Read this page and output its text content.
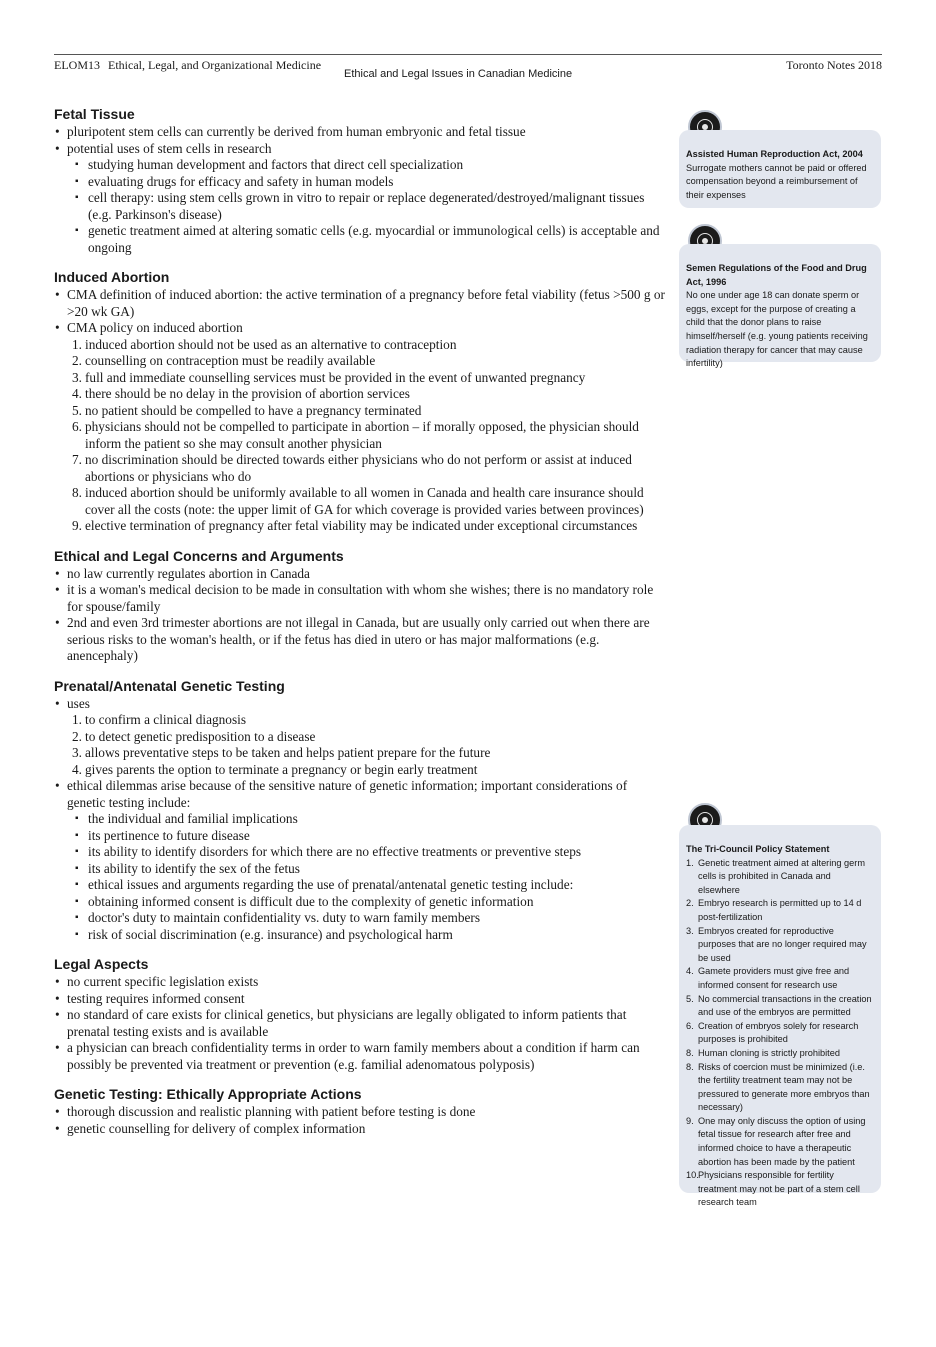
ELOM13 Ethical, Legal, and Organizational Medicine
Ethical and Legal Issues in Canadian Medicine
Toronto Notes 2018
Fetal Tissue
• pluripotent stem cells can currently be derived from human embryonic and fetal tissue
• potential uses of stem cells in research
▪ studying human development and factors that direct cell specialization
▪ evaluating drugs for efficacy and safety in human models
▪ cell therapy: using stem cells grown in vitro to repair or replace degenerated/destroyed/malignant tissues (e.g. Parkinson's disease)
▪ genetic treatment aimed at altering somatic cells (e.g. myocardial or immunological cells) is acceptable and ongoing
Induced Abortion
• CMA definition of induced abortion: the active termination of a pregnancy before fetal viability (fetus >500 g or >20 wk GA)
• CMA policy on induced abortion
1. induced abortion should not be used as an alternative to contraception
2. counselling on contraception must be readily available
3. full and immediate counselling services must be provided in the event of unwanted pregnancy
4. there should be no delay in the provision of abortion services
5. no patient should be compelled to have a pregnancy terminated
6. physicians should not be compelled to participate in abortion – if morally opposed, the physician should inform the patient so she may consult another physician
7. no discrimination should be directed towards either physicians who do not perform or assist at induced abortions or physicians who do
8. induced abortion should be uniformly available to all women in Canada and health care insurance should cover all the costs (note: the upper limit of GA for which coverage is provided varies between provinces)
9. elective termination of pregnancy after fetal viability may be indicated under exceptional circumstances
Ethical and Legal Concerns and Arguments
• no law currently regulates abortion in Canada
• it is a woman's medical decision to be made in consultation with whom she wishes; there is no mandatory role for spouse/family
• 2nd and even 3rd trimester abortions are not illegal in Canada, but are usually only carried out when there are serious risks to the woman's health, or if the fetus has died in utero or has major malformations (e.g. anencephaly)
Prenatal/Antenatal Genetic Testing
• uses
1. to confirm a clinical diagnosis
2. to detect genetic predisposition to a disease
3. allows preventative steps to be taken and helps patient prepare for the future
4. gives parents the option to terminate a pregnancy or begin early treatment
• ethical dilemmas arise because of the sensitive nature of genetic information; important considerations of genetic testing include:
▪ the individual and familial implications
▪ its pertinence to future disease
▪ its ability to identify disorders for which there are no effective treatments or preventive steps
▪ its ability to identify the sex of the fetus
▪ ethical issues and arguments regarding the use of prenatal/antenatal genetic testing include:
▪ obtaining informed consent is difficult due to the complexity of genetic information
▪ doctor's duty to maintain confidentiality vs. duty to warn family members
▪ risk of social discrimination (e.g. insurance) and psychological harm
Legal Aspects
• no current specific legislation exists
• testing requires informed consent
• no standard of care exists for clinical genetics, but physicians are legally obligated to inform patients that prenatal testing exists and is available
• a physician can breach confidentiality terms in order to warn family members about a condition if harm can possibly be prevented via treatment or prevention (e.g. familial adenomatous polyposis)
Genetic Testing: Ethically Appropriate Actions
• thorough discussion and realistic planning with patient before testing is done
• genetic counselling for delivery of complex information
Assisted Human Reproduction Act, 2004
Surrogate mothers cannot be paid or offered compensation beyond a reimbursement of their expenses
Semen Regulations of the Food and Drug Act, 1996
No one under age 18 can donate sperm or eggs, except for the purpose of creating a child that the donor plans to raise himself/herself (e.g. young patients receiving radiation therapy for cancer that may cause infertility)
The Tri-Council Policy Statement
1. Genetic treatment aimed at altering germ cells is prohibited in Canada and elsewhere
2. Embryo research is permitted up to 14 d post-fertilization
3. Embryos created for reproductive purposes that are no longer required may be used
4. Gamete providers must give free and informed consent for research use
5. No commercial transactions in the creation and use of the embryos are permitted
6. Creation of embryos solely for research purposes is prohibited
8. Human cloning is strictly prohibited
8. Risks of coercion must be minimized (i.e. the fertility treatment team may not be pressured to generate more embryos than necessary)
9. One may only discuss the option of using fetal tissue for research after free and informed choice to have a therapeutic abortion has been made by the patient
10. Physicians responsible for fertility treatment may not be part of a stem cell research team
